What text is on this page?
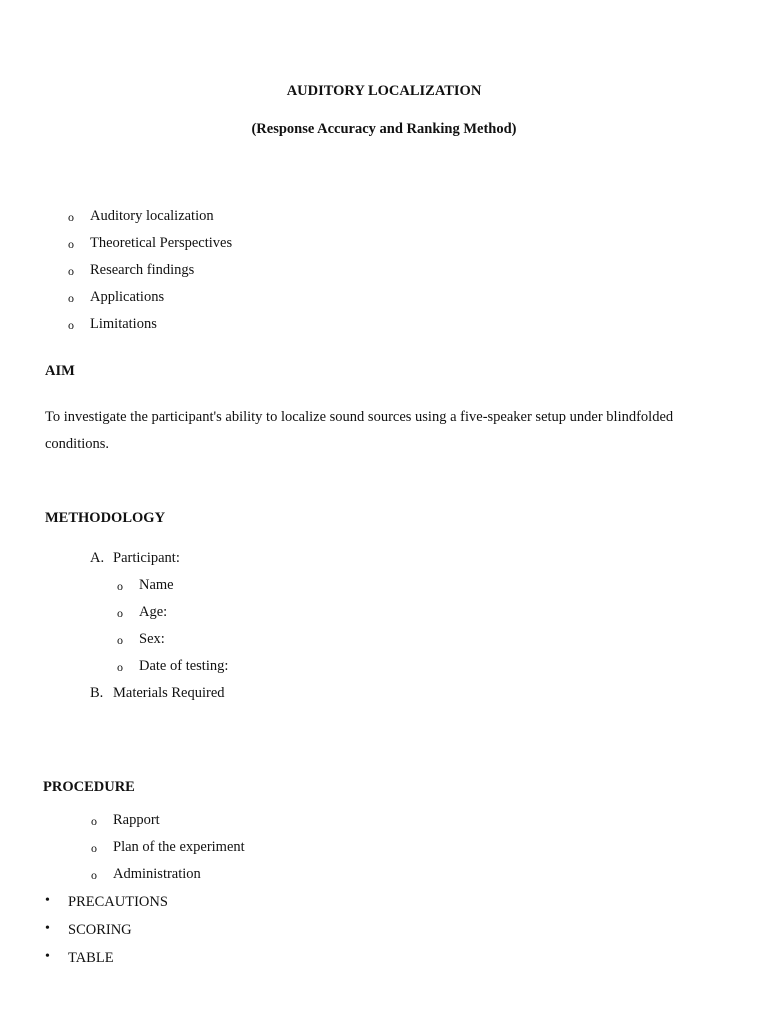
AUDITORY LOCALIZATION
(Response Accuracy and Ranking Method)
o Auditory localization
o Theoretical Perspectives
o Research findings
o Applications
o Limitations
AIM
To investigate the participant's ability to localize sound sources using a five-speaker setup under blindfolded conditions.
METHODOLOGY
A. Participant:
o Name
o Age:
o Sex:
o Date of testing:
B. Materials Required
PROCEDURE
o Rapport
o Plan of the experiment
o Administration
• PRECAUTIONS
• SCORING
• TABLE
